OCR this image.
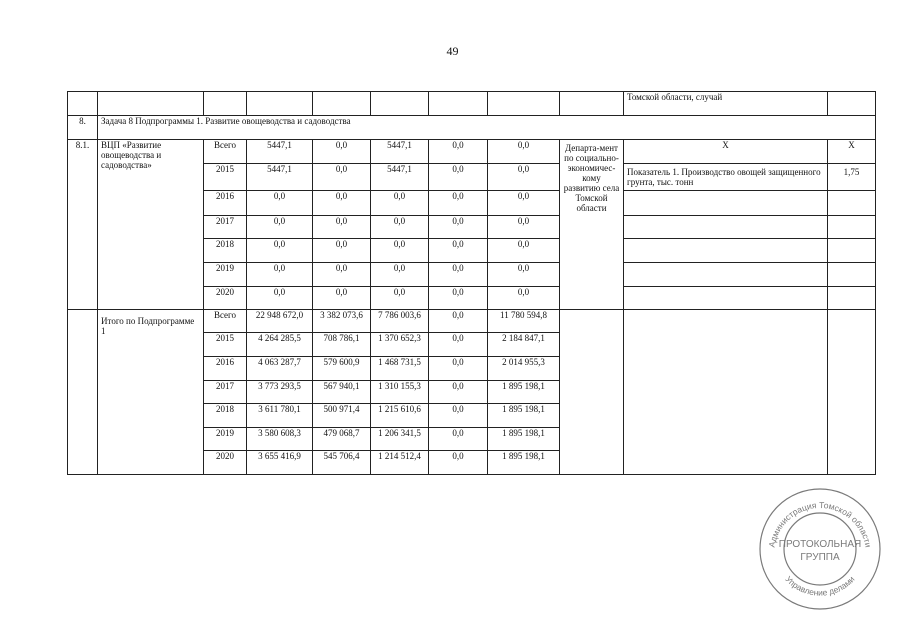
49
									Томской области, случай	
8.	Задача 8 Подпрограммы 1. Развитие овощеводства и садоводства									
8.1.	ВЦП «Развитие овощеводства и садоводства»	Всего	5447,1	0,0	5447,1	0,0	0,0	Департа-мент по социально-экономичес-кому развитию села Томской области	Х	Х
		2015	5447,1	0,0	5447,1	0,0	0,0		Показатель 1. Производство овощей защищенного грунта, тыс. тонн	1,75
		2016	0,0	0,0	0,0	0,0	0,0			
		2017	0,0	0,0	0,0	0,0	0,0			
		2018	0,0	0,0	0,0	0,0	0,0			
		2019	0,0	0,0	0,0	0,0	0,0			
		2020	0,0	0,0	0,0	0,0	0,0			
	Итого по Подпрограмме 1	Всего	22 948 672,0	3 382 073,6	7 786 003,6	0,0	11 780 594,8			
		2015	4 264 285,5	708 786,1	1 370 652,3	0,0	2 184 847,1			
		2016	4 063 287,7	579 600,9	1 468 731,5	0,0	2 014 955,3			
		2017	3 773 293,5	567 940,1	1 310 155,3	0,0	1 895 198,1			
		2018	3 611 780,1	500 971,4	1 215 610,6	0,0	1 895 198,1			
		2019	3 580 608,3	479 068,7	1 206 341,5	0,0	1 895 198,1			
		2020	3 655 416,9	545 706,4	1 214 512,4	0,0	1 895 198,1			
Администрация Томской области
Управление делами
ПРОТОКОЛЬНАЯ
ГРУППА
